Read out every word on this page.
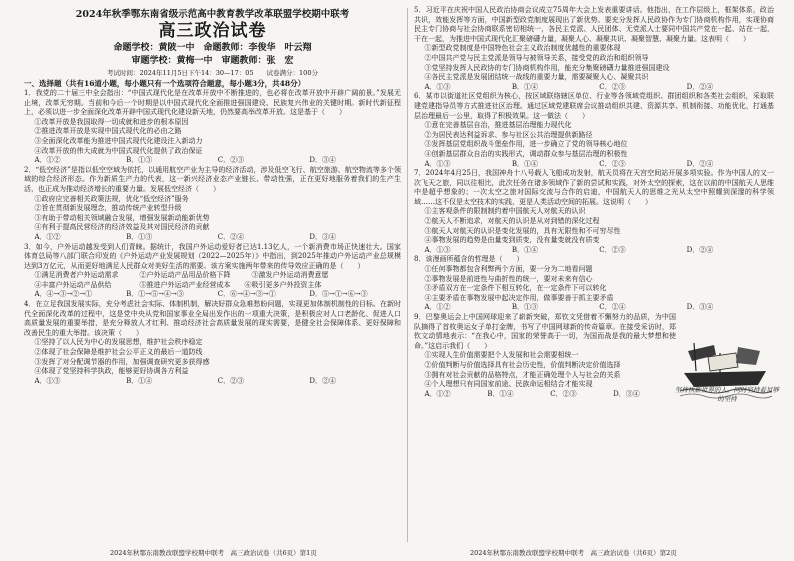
2024年秋季鄂东南省级示范高中教育教学改革联盟学校期中联考
高三政治试卷
命题学校：黄陂一中　命题教师：李俊华　叶云翔
审题学校：黄梅一中　审题教师：张　宏
考试时间：2024年11月5日下午14：30—17：05　　试卷满分：100分
一、选择题（共有16道小题，每小题只有一个选项符合题意，每小题3分，共48分）

1．我党的二十届三中全会指出：“中国式现代化是在改革开放中不断推进的，也必将在改革开放中开辟广阔前景。”发展无止境，改革无穷期。当前和今后一个时期是以中国式现代化全面推进强国建设、民族复兴伟业的关键时期。新时代新征程上，必须以进一步全面深化改革开辟中国式现代化建设新天地，仍然要高举改革开放。这是基于（　　）

①改革开放是我国取得一切成就和进步的根本原因
②推进改革开放是实现中国式现代化的必由之路
③全面深化改革能为推进中国式现代化建设注入新动力
④改革开放的伟大成就为中国式现代化提供了政治保证
A．①②	B．①③	C．②③	D．③④

2．“低空经济”是指以低空空域为依托，以通用航空产业为主导的经济活动，涉及低空飞行、航空旅游、航空物流等多个领域的综合经济形态。作为新质生产力的代表，这一新兴经济业态产业链长、带动性强，正在更好地服务着我们的生产生活，也正成为推动经济增长的重要力量。发展低空经济（　　）

①政府应完善相关政策法规，优化“低空经济”服务
②旨在贯彻新发展理念，推动传统产业转型升级
③有助于带动相关领域融合发展，增强发展新动能新优势
④有利于提高民营经济的经济效益及其对国民经济的贡献
A．①②	B．①③	C．②④	D．③④

3．如今，户外运动越发受到人们青睐。据统计，我国户外运动爱好者已达1.13亿人，一个新消费市场正快速壮大。国家体育总局等八部门联合印发的《户外运动产业发展规划（2022—2025年）》中指出，到2025年推动户外运动产业总规模达到3万亿元，从而更好地满足人民群众对美好生活的需要。该方案实施两年带来的传导效应正确的是（　　）

①满足消费者户外运动需求　　　②户外运动产品用品价格下降　　　③激发户外运动消费意愿
④丰富户外运动产品供给　　　　⑤推进户外运动产业经营成本　　⑥吸引更多户外投资主体
A．④→③→②→①	B．①→⑤→④→③	C．⑥→④→③→①	D．⑤→①→⑥→③

4．在立足我国发展实际，充分考虑社会实际、体制机制，解决好群众急难愁盼问题，实现更加体制机制性的目标。在新时代全面深化改革的过程中，这是党中央从党和国家事业全局出发作出的一项重大决策，是积极应对人口老龄化、促进人口高质量发展的重要举措，是充分释放人才红利、推动经济社会高质量发展的现实需要，是健全社会保障体系、更好保障和改善民生的重大举措。该决策（　　）

①坚持了以人民为中心的发展思想，维护社会秩序稳定
②体现了社会保障是维护社会公平正义的最后一道防线
③发挥了对分配调节器的作用，加强调查研究更多获得感
④体现了党坚持科学执政，能够更好协调各方利益
A．①③	B．①④	C．②③	D．②④

5．习近平在庆祝中国人民政治协商会议成立75周年大会上发表重要讲话。他指出，在工作层级上，框架体系，政治共识，效能发挥等方面，中国新型政党制度展现出了新优势。要充分发挥人民政协作为专门协商机构作用，实现协商民主专门协商与社会协商联系密切相统一，各民主党派、人民团体、无党派人士要同中国共产党在一起、站在一起，干在一起，为推进中国式现代化汇聚磅礴力量，凝聚人心、凝聚共识、凝聚智慧、凝聚力量。这表明（　　）

①新型政党制度是中国特色社会主义政治制度优越性的重要体现
②中国共产党与民主党派是领导与被领导关系，接受党的政治和组织领导
③党坚持发挥人民政协的专门协商机构作用，能充分集聚磅礴力量推进强国建设
④各民主党派是发展团结统一战线的重要力量，需要凝聚人心、凝聚共识
A．①③	B．①④	C．②③	D．②④

6．某市以街道社区党组织为核心，按区域联络辖区单位、行业等各领域党组织、群团组织和各类社会组织，采取联建党建指导员等方式推进社区治理。通过区域党建联席会议推动组织共建、资源共享、机制衔接、功能优化，打通基层治理最后一公里，取得了积极效果。这一做法（　　）

①意在完善基层自治，推进基层治理能力现代化
②为居民表达利益诉求、参与社区公共治理提供新路径
③发挥基层党组织战斗堡垒作用，进一步确立了党的领导核心地位
④创新基层群众自治的实践形式，调动群众参与基层治理的积极性
A．①③	B．①④	C．②③	D．②④

7．2024年4月25日，我国神舟十八号载人飞船成功发射，航天员将在天宫空间站开展多项实验。作为中国人的又一次飞天之旅，同以往相比，此次任务在诸多领域作了新的尝试和实践，对外太空的探索，这在以前的中国航天人思维中是超乎想象的；一次太空之旅对国际交流与合作的启迪，中国航天人的思维之光从太空中照耀到深邃的科学领域……这不仅是太空技术的实践，更是人类活动空间的拓展。这说明（　　）

①主客观条件的限制制约着中国航天人对航天的认识
②航天人不断追求，对航天的认识是从对到错的深化过程
③航天人对航天的认识是变化发展的，具有无限性和不可穷尽性
④事物发展的趋势是由量变到质变，没有量变就没有质变
A．①③	B．①④	C．②③	D．②④

8．该漫画所蕴含的哲理是（　　）

①任何事物都包含利弊两个方面，要一分为二地看问题
②事物发展是前进性与曲折性的统一，要对未来有信心
③矛盾双方在一定条件下相互转化，在一定条件下可以转化
④主要矛盾在事物发展中起决定作用，做事要善于抓主要矛盾
A．①②	B．①③	C．②④	D．③④

9．巴黎奥运会上中国网球迎来了崭新突破，郑钦文凭借着不懈努力的品质，为中国队摘得了首枚奥运女子单打金牌，书写了中国网球新的传奇篇章。在接受采访时，郑钦文动情地表示：“在我心中，国家的荣誉高于一切，为国而战是我的最大梦想和使命。”这启示我们（　　）

①实现人生价值需要把个人发展和社会需要相统一
②价值判断与价值选择具有社会历史性，价值判断决定价值选择
③拥有对社会贡献的品格特点，才能正确处理个人与社会的关系
④个人理想只有同国家前途、民族命运相结合才能实现
A．①②	B．①④	C．②③	D．③④	坚持执新世界的人，同时坚持着足够的坚持
2024年秋鄂东南教改联盟学校期中联考　高三政治试卷（共6页）第1页	2024年秋鄂东南教改联盟学校期中联考　高三政治试卷（共6页）第2页
